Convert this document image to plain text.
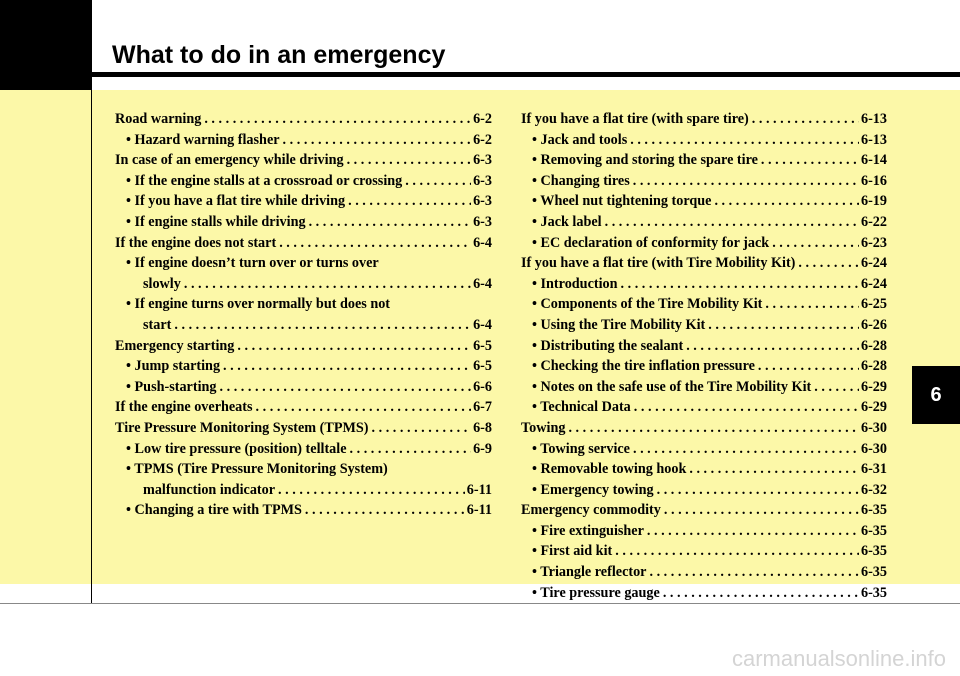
What to do in an emergency
6
Road warning . . .	6-2
• Hazard warning flasher . . .	6-2
In case of an emergency while driving . . .	6-3
• If the engine stalls at a crossroad or crossing . . .	6-3
• If you have a flat tire while driving . . .	6-3
• If engine stalls while driving . . .	6-3
If the engine does not start . . .	6-4
• If engine doesn’t turn over or turns over
slowly . . .	6-4
• If engine turns over normally but does not
start . . .	6-4
Emergency starting . . .	6-5
• Jump starting . . .	6-5
• Push-starting . . .	6-6
If the engine overheats . . .	6-7
Tire Pressure Monitoring System (TPMS) . . .	6-8
• Low tire pressure (position) telltale . . .	6-9
• TPMS (Tire Pressure Monitoring System)
malfunction indicator . . .	6-11
• Changing a tire with TPMS . . .	6-11
If you have a flat tire (with spare tire) . . .	6-13
• Jack and tools . . .	6-13
• Removing and storing the spare tire . . .	6-14
• Changing tires . . .	6-16
• Wheel nut tightening torque . . .	6-19
• Jack label . . .	6-22
• EC declaration of conformity for jack . . .	6-23
If you have a flat tire (with Tire Mobility Kit) . . .	6-24
• Introduction . . .	6-24
• Components of the Tire Mobility Kit . . .	6-25
• Using the Tire Mobility Kit . . .	6-26
• Distributing the sealant . . .	6-28
• Checking the tire inflation pressure . . .	6-28
• Notes on the safe use of the Tire Mobility Kit . . .	6-29
• Technical Data . . .	6-29
Towing . . .	6-30
• Towing service . . .	6-30
• Removable towing hook . . .	6-31
• Emergency towing . . .	6-32
Emergency commodity . . .	6-35
• Fire extinguisher . . .	6-35
• First aid kit . . .	6-35
• Triangle reflector . . .	6-35
• Tire pressure gauge . . .	6-35
carmanualsonline.info
